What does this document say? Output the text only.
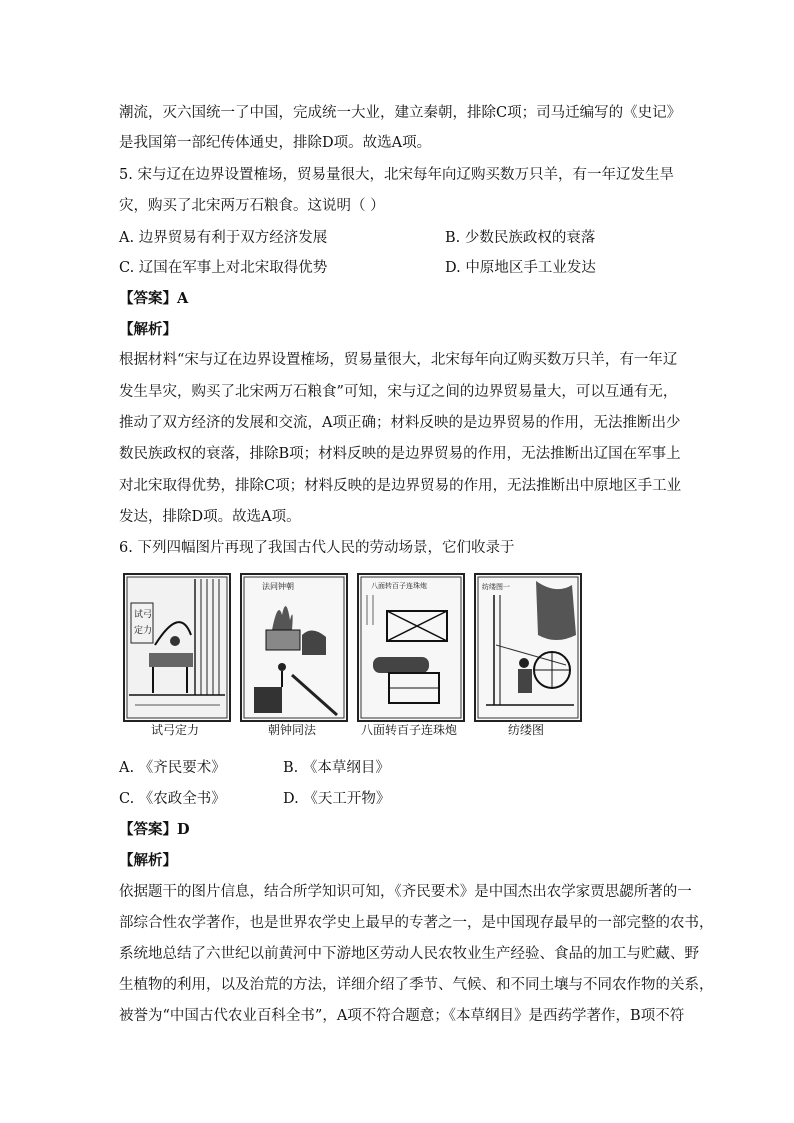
潮流，灭六国统一了中国，完成统一大业，建立秦朝，排除C项；司马迁编写的《史记》
是我国第一部纪传体通史，排除D项。故选A项。
5. 宋与辽在边界设置榷场，贸易量很大，北宋每年向辽购买数万只羊，有一年辽发生旱
灾，购买了北宋两万石粮食。这说明（ ）
A. 边界贸易有利于双方经济发展	B. 少数民族政权的衰落
C. 辽国在军事上对北宋取得优势	D. 中原地区手工业发达
【答案】A
【解析】
根据材料“宋与辽在边界设置榷场，贸易量很大，北宋每年向辽购买数万只羊，有一年辽
发生旱灾，购买了北宋两万石粮食”可知，宋与辽之间的边界贸易量大，可以互通有无，
推动了双方经济的发展和交流，A项正确；材料反映的是边界贸易的作用，无法推断出少
数民族政权的衰落，排除B项；材料反映的是边界贸易的作用，无法推断出辽国在军事上
对北宋取得优势，排除C项；材料反映的是边界贸易的作用，无法推断出中原地区手工业
发达，排除D项。故选A项。
6. 下列四幅图片再现了我国古代人民的劳动场景，它们收录于
试弓
定力
法同钟朝	八面转百子连珠炮	纺缕图一
试弓定力	朝钟同法	八面转百子连珠炮	纺缕图
A. 《齐民要术》	B. 《本草纲目》
C. 《农政全书》	D. 《天工开物》
【答案】D
【解析】
依据题干的图片信息，结合所学知识可知，《齐民要术》是中国杰出农学家贾思勰所著的一
部综合性农学著作，也是世界农学史上最早的专著之一，是中国现存最早的一部完整的农书，
系统地总结了六世纪以前黄河中下游地区劳动人民农牧业生产经验、食品的加工与贮藏、野
生植物的利用，以及治荒的方法，详细介绍了季节、气候、和不同土壤与不同农作物的关系，
被誉为“中国古代农业百科全书”，A项不符合题意；《本草纲目》是西药学著作，B项不符
